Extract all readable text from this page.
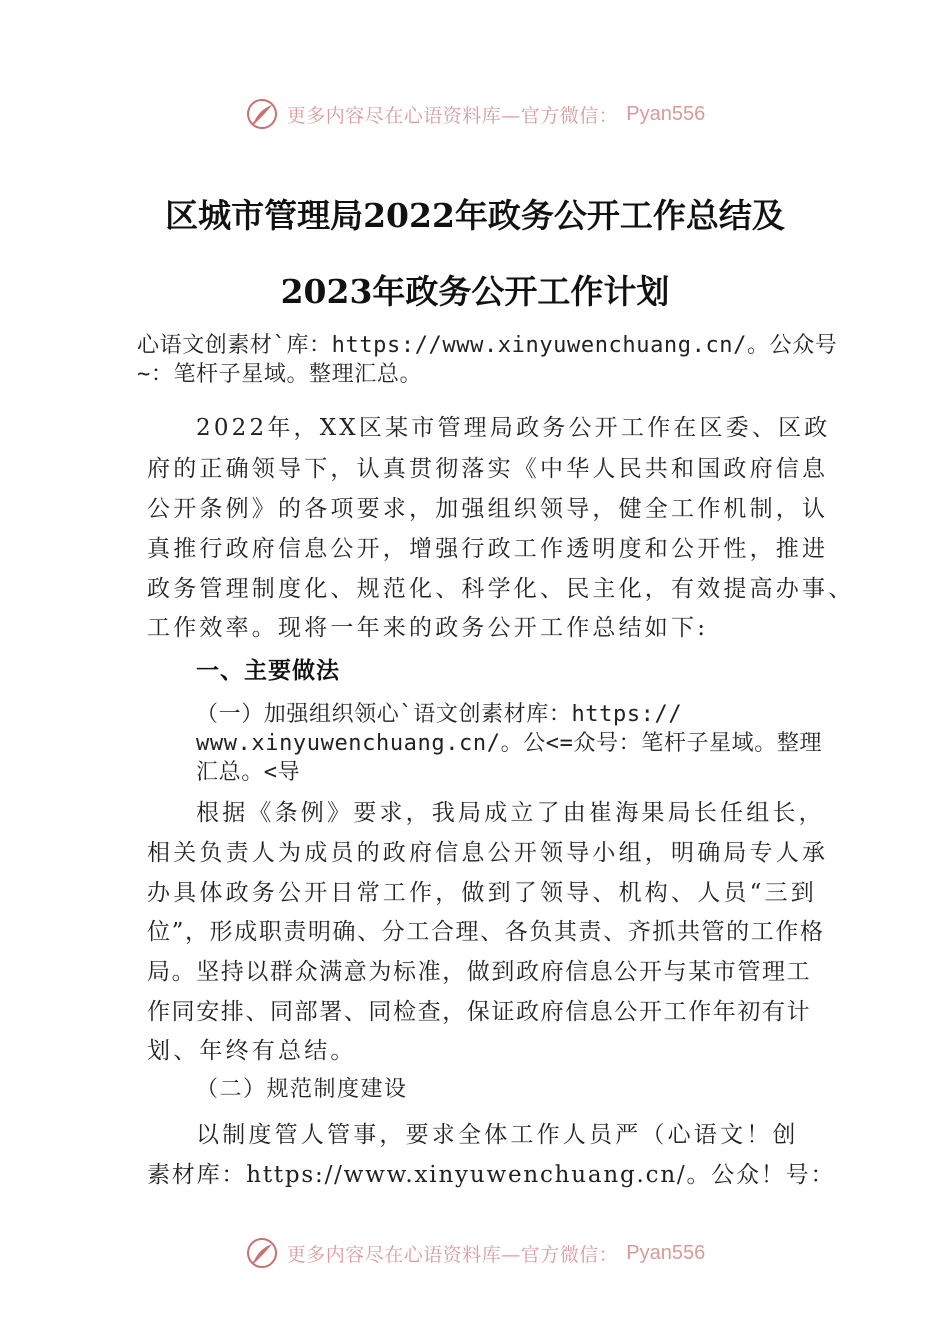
更多内容尽在心语资料库—官方微信： Pyan556
区城市管理局2022年政务公开工作总结及
2023年政务公开工作计划
心语文创素材`库：https://www.xinyuwenchuang.cn/。公众号
~：笔杆子星域。整理汇总。
2022年，XX区某市管理局政务公开工作在区委、区政
府的正确领导下，认真贯彻落实《中华人民共和国政府信息
公开条例》的各项要求，加强组织领导，健全工作机制，认
真推行政府信息公开，增强行政工作透明度和公开性，推进
政务管理制度化、规范化、科学化、民主化，有效提高办事、
工作效率。现将一年来的政务公开工作总结如下:
一、主要做法
（一）加强组织领心`语文创素材库：https://
www.xinyuwenchuang.cn/。公<=众号：笔杆子星域。整理
汇总。<导
根据《条例》要求，我局成立了由崔海果局长任组长，
相关负责人为成员的政府信息公开领导小组，明确局专人承
办具体政务公开日常工作，做到了领导、机构、人员“三到
位”，形成职责明确、分工合理、各负其责、齐抓共管的工作格
局。坚持以群众满意为标准，做到政府信息公开与某市管理工
作同安排、同部署、同检查，保证政府信息公开工作年初有计
划、年终有总结。
（二）规范制度建设
以制度管人管事，要求全体工作人员严（心语文！创
素材库：https://www.xinyuwenchuang.cn/。公众！号：
更多内容尽在心语资料库—官方微信： Pyan556
